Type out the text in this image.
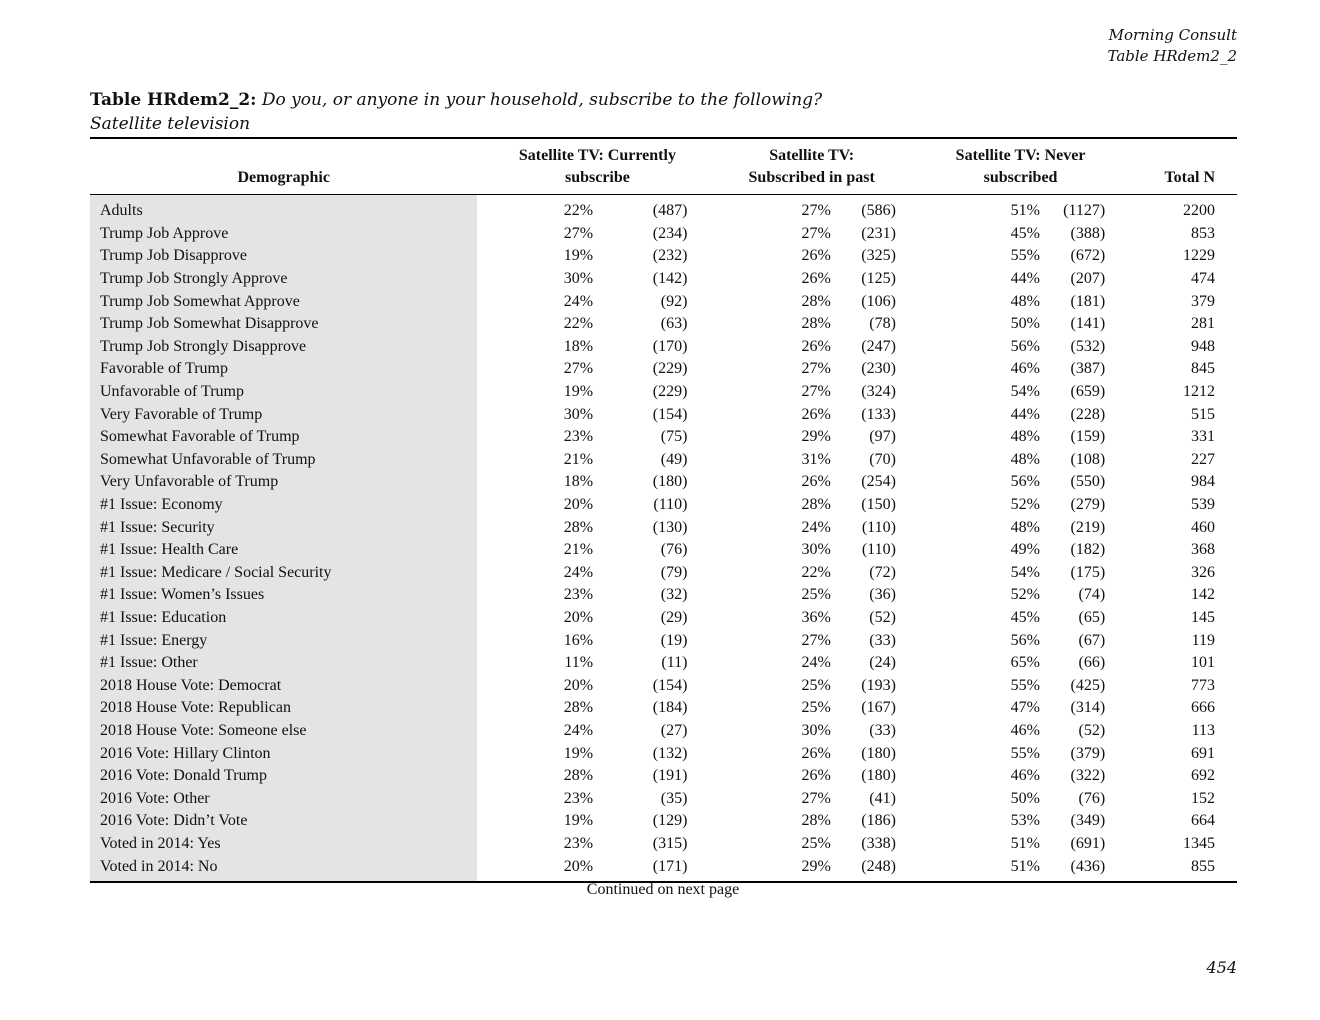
Morning Consult
Table HRdem2_2
Table HRdem2_2: Do you, or anyone in your household, subscribe to the following?
Satellite television
Demographic	Satellite TV: Currently subscribe		Satellite TV: Subscribed in past		Satellite TV: Never subscribed		Total N
Adults	22%	(487)	27%	(586)	51%	(1127)	2200
Trump Job Approve	27%	(234)	27%	(231)	45%	(388)	853
Trump Job Disapprove	19%	(232)	26%	(325)	55%	(672)	1229
Trump Job Strongly Approve	30%	(142)	26%	(125)	44%	(207)	474
Trump Job Somewhat Approve	24%	(92)	28%	(106)	48%	(181)	379
Trump Job Somewhat Disapprove	22%	(63)	28%	(78)	50%	(141)	281
Trump Job Strongly Disapprove	18%	(170)	26%	(247)	56%	(532)	948
Favorable of Trump	27%	(229)	27%	(230)	46%	(387)	845
Unfavorable of Trump	19%	(229)	27%	(324)	54%	(659)	1212
Very Favorable of Trump	30%	(154)	26%	(133)	44%	(228)	515
Somewhat Favorable of Trump	23%	(75)	29%	(97)	48%	(159)	331
Somewhat Unfavorable of Trump	21%	(49)	31%	(70)	48%	(108)	227
Very Unfavorable of Trump	18%	(180)	26%	(254)	56%	(550)	984
#1 Issue: Economy	20%	(110)	28%	(150)	52%	(279)	539
#1 Issue: Security	28%	(130)	24%	(110)	48%	(219)	460
#1 Issue: Health Care	21%	(76)	30%	(110)	49%	(182)	368
#1 Issue: Medicare / Social Security	24%	(79)	22%	(72)	54%	(175)	326
#1 Issue: Women’s Issues	23%	(32)	25%	(36)	52%	(74)	142
#1 Issue: Education	20%	(29)	36%	(52)	45%	(65)	145
#1 Issue: Energy	16%	(19)	27%	(33)	56%	(67)	119
#1 Issue: Other	11%	(11)	24%	(24)	65%	(66)	101
2018 House Vote: Democrat	20%	(154)	25%	(193)	55%	(425)	773
2018 House Vote: Republican	28%	(184)	25%	(167)	47%	(314)	666
2018 House Vote: Someone else	24%	(27)	30%	(33)	46%	(52)	113
2016 Vote: Hillary Clinton	19%	(132)	26%	(180)	55%	(379)	691
2016 Vote: Donald Trump	28%	(191)	26%	(180)	46%	(322)	692
2016 Vote: Other	23%	(35)	27%	(41)	50%	(76)	152
2016 Vote: Didn’t Vote	19%	(129)	28%	(186)	53%	(349)	664
Voted in 2014: Yes	23%	(315)	25%	(338)	51%	(691)	1345
Voted in 2014: No	20%	(171)	29%	(248)	51%	(436)	855
Continued on next page
454
